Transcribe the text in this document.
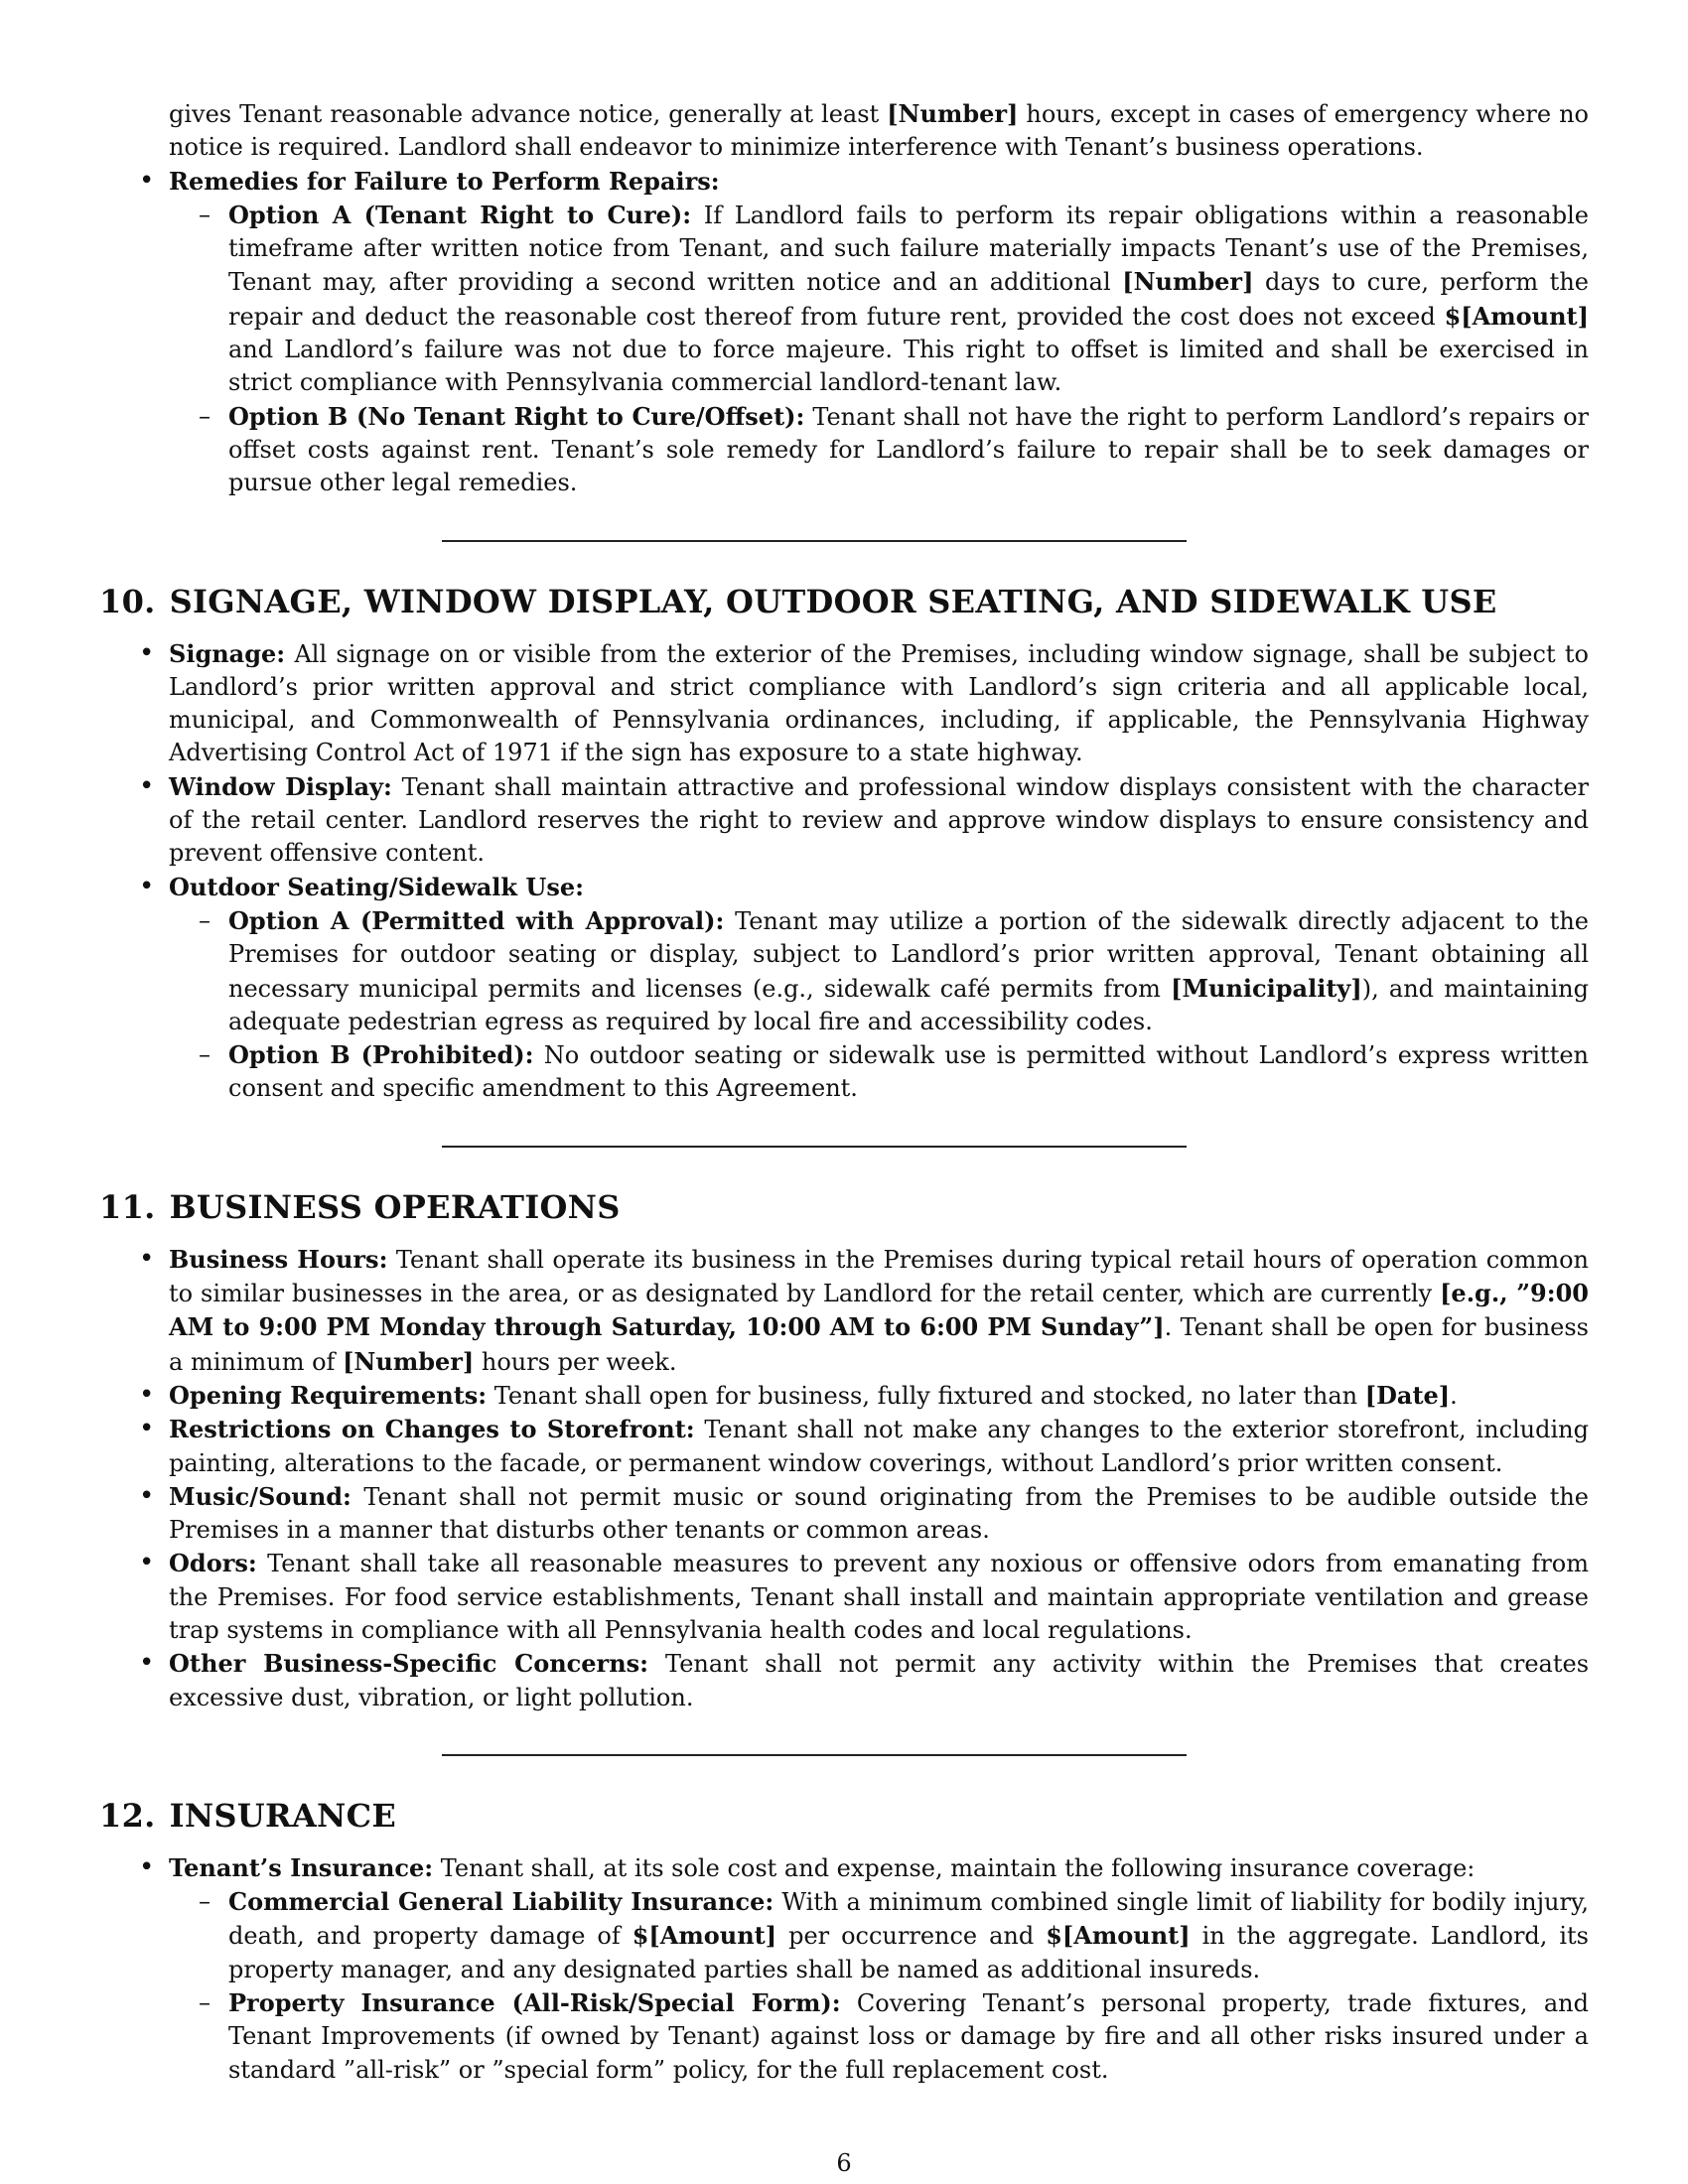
gives Tenant reasonable advance notice, generally at least [Number] hours, except in cases of emergency where no notice is required. Landlord shall endeavor to minimize interference with Tenant’s business operations.

• Remedies for Failure to Perform Repairs:
– Option A (Tenant Right to Cure): If Landlord fails to perform its repair obligations within a reasonable timeframe after written notice from Tenant, and such failure materially impacts Tenant’s use of the Premises, Tenant may, after providing a second written notice and an additional [Number] days to cure, perform the repair and deduct the reasonable cost thereof from future rent, provided the cost does not exceed $[Amount] and Landlord’s failure was not due to force majeure. This right to offset is limited and shall be exercised in strict compliance with Pennsylvania commercial landlord-tenant law.
– Option B (No Tenant Right to Cure/Offset): Tenant shall not have the right to perform Landlord’s repairs or offset costs against rent. Tenant’s sole remedy for Landlord’s failure to repair shall be to seek damages or pursue other legal remedies.
10. SIGNAGE, WINDOW DISPLAY, OUTDOOR SEATING, AND SIDEWALK USE
• Signage: All signage on or visible from the exterior of the Premises, including window signage, shall be subject to Landlord’s prior written approval and strict compliance with Landlord’s sign criteria and all applicable local, municipal, and Commonwealth of Pennsylvania ordinances, including, if applicable, the Pennsylvania Highway Advertising Control Act of 1971 if the sign has exposure to a state highway.
• Window Display: Tenant shall maintain attractive and professional window displays consistent with the character of the retail center. Landlord reserves the right to review and approve window displays to ensure consistency and prevent offensive content.
• Outdoor Seating/Sidewalk Use:
– Option A (Permitted with Approval): Tenant may utilize a portion of the sidewalk directly adjacent to the Premises for outdoor seating or display, subject to Landlord’s prior written approval, Tenant obtaining all necessary municipal permits and licenses (e.g., sidewalk café permits from [Municipality]), and maintaining adequate pedestrian egress as required by local fire and accessibility codes.
– Option B (Prohibited): No outdoor seating or sidewalk use is permitted without Landlord’s express written consent and specific amendment to this Agreement.
11. BUSINESS OPERATIONS
• Business Hours: Tenant shall operate its business in the Premises during typical retail hours of operation common to similar businesses in the area, or as designated by Landlord for the retail center, which are currently [e.g., ”9:00 AM to 9:00 PM Monday through Saturday, 10:00 AM to 6:00 PM Sunday”]. Tenant shall be open for business a minimum of [Number] hours per week.
• Opening Requirements: Tenant shall open for business, fully fixtured and stocked, no later than [Date].
• Restrictions on Changes to Storefront: Tenant shall not make any changes to the exterior storefront, including painting, alterations to the facade, or permanent window coverings, without Landlord’s prior written consent.
• Music/Sound: Tenant shall not permit music or sound originating from the Premises to be audible outside the Premises in a manner that disturbs other tenants or common areas.
• Odors: Tenant shall take all reasonable measures to prevent any noxious or offensive odors from emanating from the Premises. For food service establishments, Tenant shall install and maintain appropriate ventilation and grease trap systems in compliance with all Pennsylvania health codes and local regulations.
• Other Business-Specific Concerns: Tenant shall not permit any activity within the Premises that creates excessive dust, vibration, or light pollution.
12. INSURANCE
• Tenant’s Insurance: Tenant shall, at its sole cost and expense, maintain the following insurance coverage:
– Commercial General Liability Insurance: With a minimum combined single limit of liability for bodily injury, death, and property damage of $[Amount] per occurrence and $[Amount] in the aggregate. Landlord, its property manager, and any designated parties shall be named as additional insureds.
– Property Insurance (All-Risk/Special Form): Covering Tenant’s personal property, trade fixtures, and Tenant Improvements (if owned by Tenant) against loss or damage by fire and all other risks insured under a standard ”all-risk” or ”special form” policy, for the full replacement cost.
6
